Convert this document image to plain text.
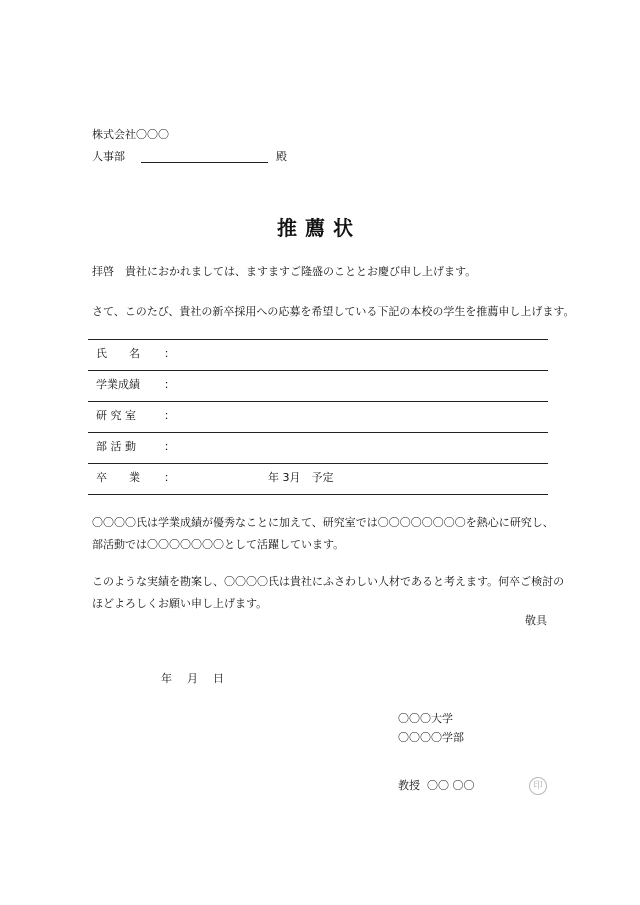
株式会社〇〇〇
人事部	殿
推薦状
拝啓　貴社におかれましては、ますますご隆盛のこととお慶び申し上げます。
さて、このたび、貴社の新卒採用への応募を希望している下記の本校の学生を推薦申し上げます。
氏　　名 ：
学業成績 ：
研 究 室	：
部 活 動	：
卒　　業 ：	年 3月　予定
〇〇〇〇氏は学業成績が優秀なことに加えて、研究室では〇〇〇〇〇〇〇〇を熱心に研究し、
部活動では〇〇〇〇〇〇〇として活躍しています。
このような実績を勘案し、〇〇〇〇氏は貴社にふさわしい人材であると考えます。何卒ご検討の
ほどよろしくお願い申し上げます。
敬具
年 月 日
〇〇〇大学
〇〇〇〇学部
教授 〇〇 〇〇	印
